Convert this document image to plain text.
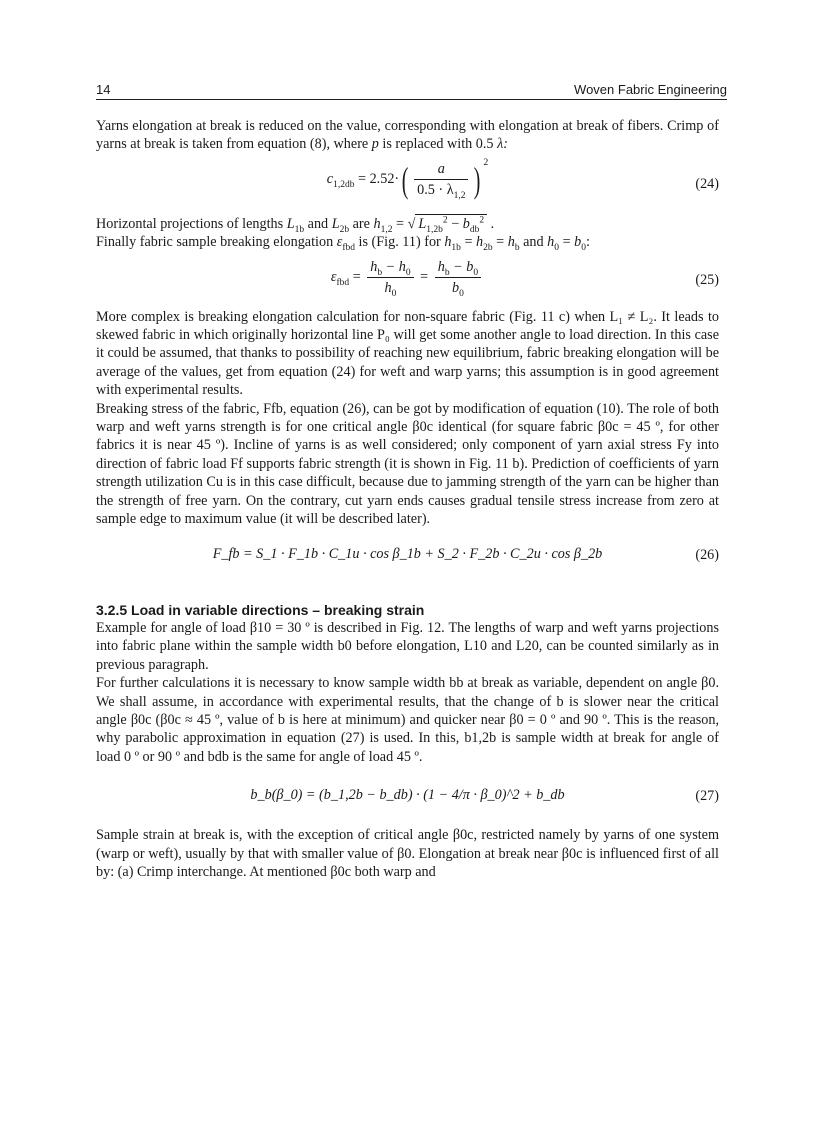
14	Woven Fabric Engineering

Yarns elongation at break is reduced on the value, corresponding with elongation at break of fibers. Crimp of yarns at break is taken from equation (8), where p is replaced with 0.5 λ:

$c_{1,2db} = 2.52\cdot( \frac{a}{0.5 \cdot \lambda_{1,2}}$ ) $^2$
(24)

Horizontal projections of lengths $L_{1b}$ and $L_{2b}$ are $h_{1,2}$ = √ $L_{1,2b}^2 - b_{db}^2$ .

Finally fabric sample breaking elongation $\varepsilon_{fbd}$ is (Fig. 11) for $h_{1b} = h_{2b} = h_b$ and $h_0 = b_0$:

$\varepsilon_{fbd} = \frac{h_b - h_0}{h_0} = \frac{h_b - b_0}{b_0}$	(25)

More complex is breaking elongation calculation for non-square fabric (Fig. 11 c) when L₁ ≠ L₂. It leads to skewed fabric in which originally horizontal line P₀ will get some another angle to load direction. In this case it could be assumed, that thanks to possibility of reaching new equilibrium, fabric breaking elongation will be average of the values, get from equation (24) for weft and warp yarns; this assumption is in good agreement with experimental results.

Breaking stress of the fabric, Ffb, equation (26), can be got by modification of equation (10). The role of both warp and weft yarns strength is for one critical angle β0c identical (for square fabric β0c = 45 º, for other fabrics it is near 45 º). Incline of yarns is as well considered; only component of yarn axial stress Fy into direction of fabric load Ff supports fabric strength (it is shown in Fig. 11 b). Prediction of coefficients of yarn strength utilization Cu is in this case difficult, because due to jamming strength of the yarn can be higher than the strength of free yarn. On the contrary, cut yarn ends causes gradual tensile stress increase from zero at sample edge to maximum value (it will be described later).

F_fb = S_1 · F_1b · C_1u · cos β_1b + S_2 · F_2b · C_2u · cos β_2b	(26)
3.2.5 Load in variable directions – breaking strain

Example for angle of load β10 = 30 º is described in Fig. 12. The lengths of warp and weft yarns projections into fabric plane within the sample width b0 before elongation, L10 and L20, can be counted similarly as in previous paragraph.

For further calculations it is necessary to know sample width bb at break as variable, dependent on angle β0. We shall assume, in accordance with experimental results, that the change of b is slower near the critical angle β0c (β0c ≈ 45 º, value of b is here at minimum) and quicker near β0 = 0 º and 90 º. This is the reason, why parabolic approximation in equation (27) is used. In this, b1,2b is sample width at break for angle of load 0 º or 90 º and bdb is the same for angle of load 45 º.

b_b(β_0) = (b_1,2b − b_db) · (1 − 4/π · β_0)^2 + b_db	(27)

Sample strain at break is, with the exception of critical angle β0c, restricted namely by yarns of one system (warp or weft), usually by that with smaller value of β0. Elongation at break near β0c is influenced first of all by: (a) Crimp interchange. At mentioned β0c both warp and
